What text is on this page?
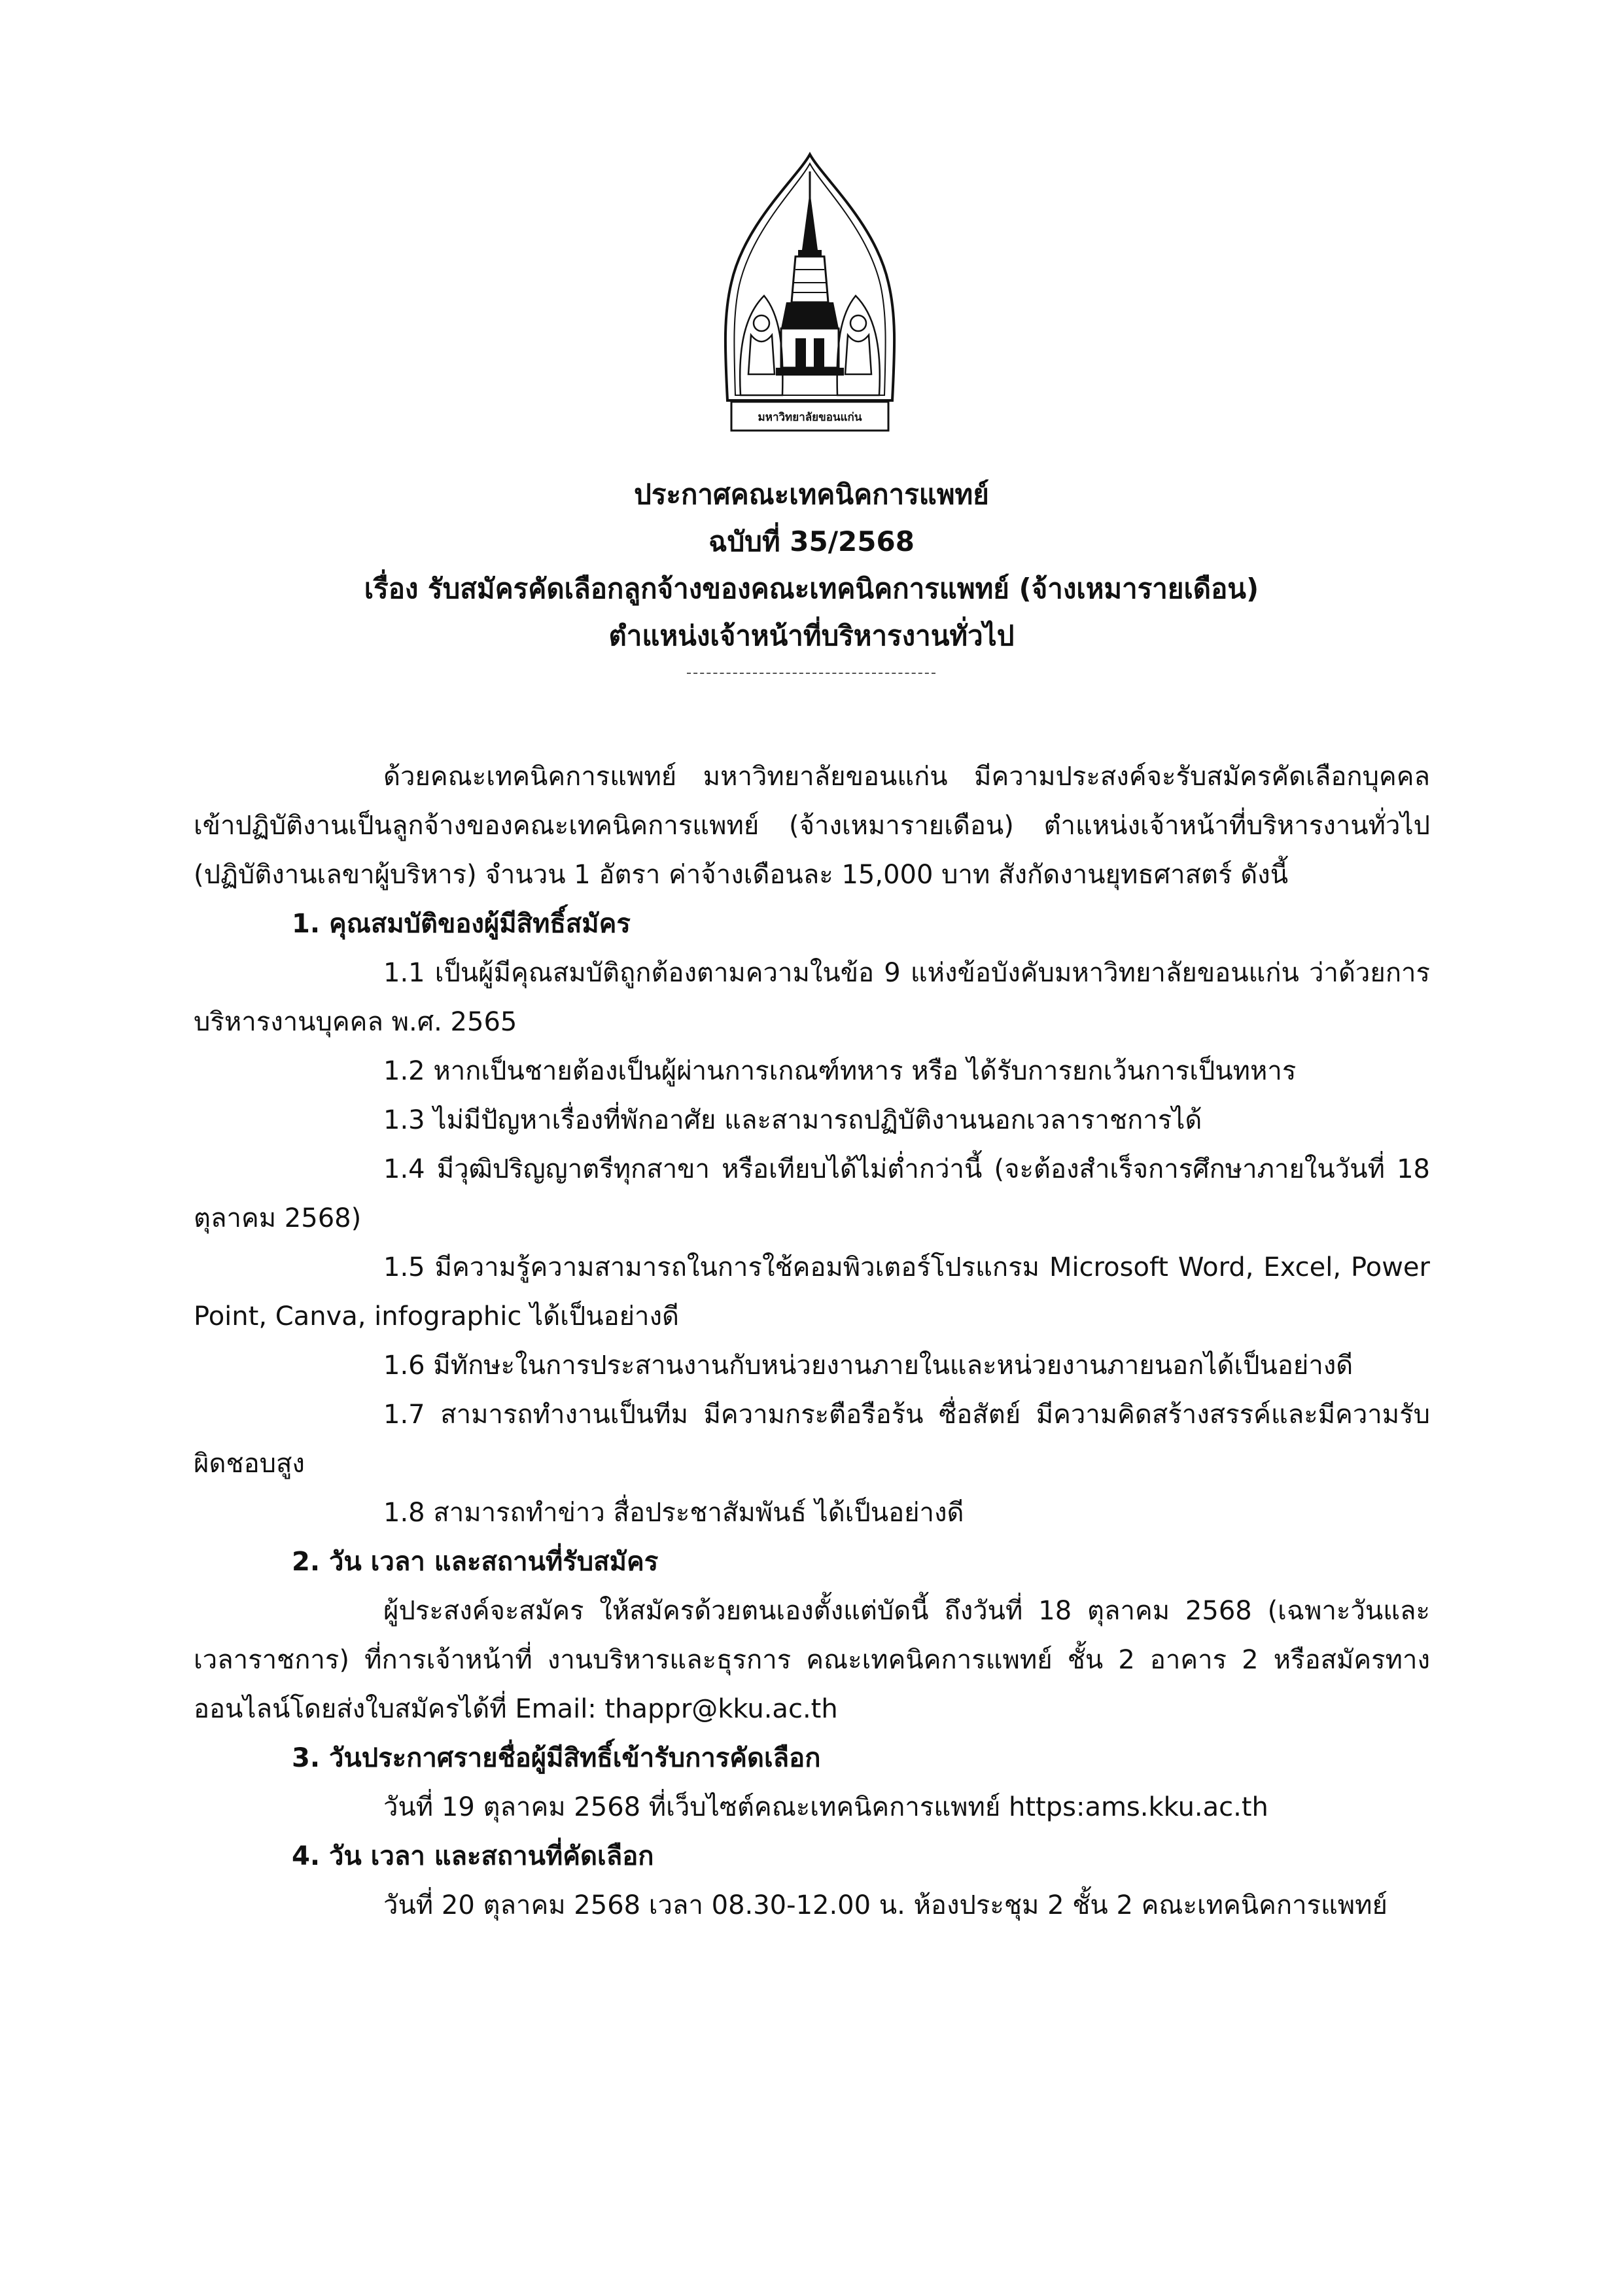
มหาวิทยาลัยขอนแก่น
ประกาศคณะเทคนิคการแพทย์
ฉบับที่ 35/2568
เรื่อง รับสมัครคัดเลือกลูกจ้างของคณะเทคนิคการแพทย์ (จ้างเหมารายเดือน)
ตำแหน่งเจ้าหน้าที่บริหารงานทั่วไป

ด้วยคณะเทคนิคการแพทย์ มหาวิทยาลัยขอนแก่น มีความประสงค์จะรับสมัครคัดเลือกบุคคลเข้าปฏิบัติงานเป็นลูกจ้างของคณะเทคนิคการแพทย์ (จ้างเหมารายเดือน) ตำแหน่งเจ้าหน้าที่บริหารงานทั่วไป (ปฏิบัติงานเลขาผู้บริหาร) จำนวน 1 อัตรา ค่าจ้างเดือนละ 15,000 บาท สังกัดงานยุทธศาสตร์ ดังนี้

1. คุณสมบัติของผู้มีสิทธิ์สมัคร

1.1 เป็นผู้มีคุณสมบัติถูกต้องตามความในข้อ 9 แห่งข้อบังคับมหาวิทยาลัยขอนแก่น ว่าด้วยการบริหารงานบุคคล พ.ศ. 2565

1.2 หากเป็นชายต้องเป็นผู้ผ่านการเกณฑ์ทหาร หรือ ได้รับการยกเว้นการเป็นทหาร

1.3 ไม่มีปัญหาเรื่องที่พักอาศัย และสามารถปฏิบัติงานนอกเวลาราชการได้

1.4 มีวุฒิปริญญาตรีทุกสาขา หรือเทียบได้ไม่ต่ำกว่านี้ (จะต้องสำเร็จการศึกษาภายในวันที่ 18 ตุลาคม 2568)

1.5 มีความรู้ความสามารถในการใช้คอมพิวเตอร์โปรแกรม Microsoft Word, Excel, Power Point, Canva, infographic ได้เป็นอย่างดี

1.6 มีทักษะในการประสานงานกับหน่วยงานภายในและหน่วยงานภายนอกได้เป็นอย่างดี

1.7 สามารถทำงานเป็นทีม มีความกระตือรือร้น ซื่อสัตย์ มีความคิดสร้างสรรค์และมีความรับผิดชอบสูง

1.8 สามารถทำข่าว สื่อประชาสัมพันธ์ ได้เป็นอย่างดี

2. วัน เวลา และสถานที่รับสมัคร

ผู้ประสงค์จะสมัคร ให้สมัครด้วยตนเองตั้งแต่บัดนี้ ถึงวันที่ 18 ตุลาคม 2568 (เฉพาะวันและเวลาราชการ) ที่การเจ้าหน้าที่ งานบริหารและธุรการ คณะเทคนิคการแพทย์ ชั้น 2 อาคาร 2 หรือสมัครทางออนไลน์โดยส่งใบสมัครได้ที่ Email: thappr@kku.ac.th

3. วันประกาศรายชื่อผู้มีสิทธิ์เข้ารับการคัดเลือก

วันที่ 19 ตุลาคม 2568 ที่เว็บไซต์คณะเทคนิคการแพทย์ https:ams.kku.ac.th

4. วัน เวลา และสถานที่คัดเลือก

วันที่ 20 ตุลาคม 2568 เวลา 08.30-12.00 น. ห้องประชุม 2 ชั้น 2 คณะเทคนิคการแพทย์
